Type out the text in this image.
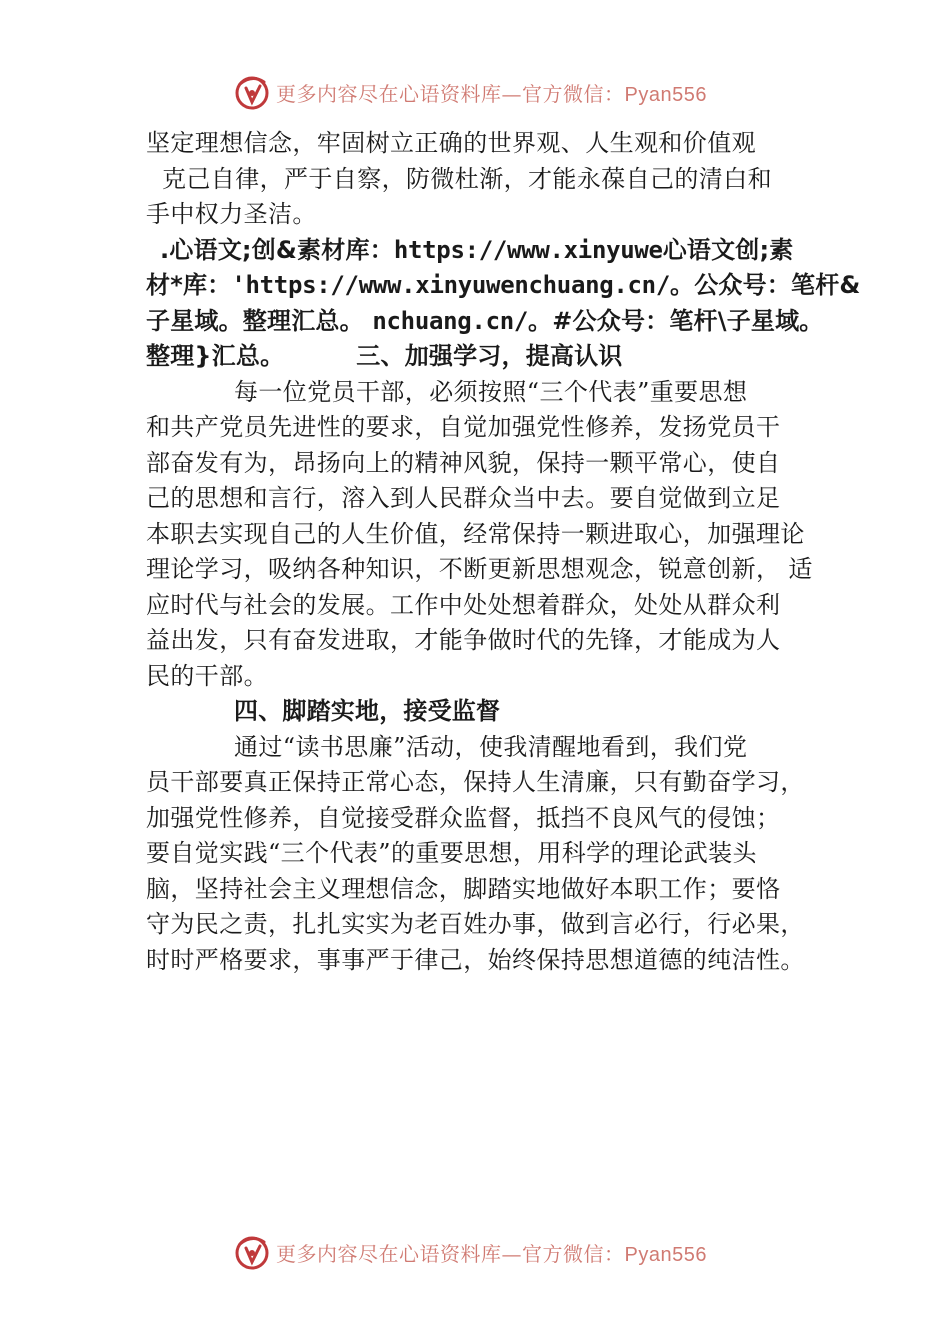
更多内容尽在心语资料库—官方微信：Pyan556
坚定理想信念，牢固树立正确的世界观、人生观和价值观
克己自律，严于自察，防微杜渐，才能永葆自己的清白和
手中权力圣洁。
.心语文;创&素材库：https://www.xinyuwe心语文创;素
材*库：'https://www.xinyuwenchuang.cn/。公众号：笔杆&
子星域。整理汇总。 nchuang.cn/。#公众号：笔杆\子星域。
整理}汇总。	三、加强学习，提高认识
每一位党员干部，必须按照“三个代表”重要思想
和共产党员先进性的要求，自觉加强党性修养，发扬党员干
部奋发有为，昂扬向上的精神风貌，保持一颗平常心，使自
己的思想和言行，溶入到人民群众当中去。要自觉做到立足
本职去实现自己的人生价值，经常保持一颗进取心，加强理论
理论学习，吸纳各种知识，不断更新思想观念，锐意创新， 适
应时代与社会的发展。工作中处处想着群众，处处从群众利
益出发，只有奋发进取，才能争做时代的先锋，才能成为人
民的干部。
四、脚踏实地，接受监督
通过“读书思廉”活动，使我清醒地看到，我们党
员干部要真正保持正常心态，保持人生清廉，只有勤奋学习，
加强党性修养，自觉接受群众监督，抵挡不良风气的侵蚀；
要自觉实践“三个代表”的重要思想，用科学的理论武装头
脑，坚持社会主义理想信念，脚踏实地做好本职工作；要恪
守为民之责，扎扎实实为老百姓办事，做到言必行，行必果，
时时严格要求，事事严于律己，始终保持思想道德的纯洁性。
更多内容尽在心语资料库—官方微信：Pyan556
